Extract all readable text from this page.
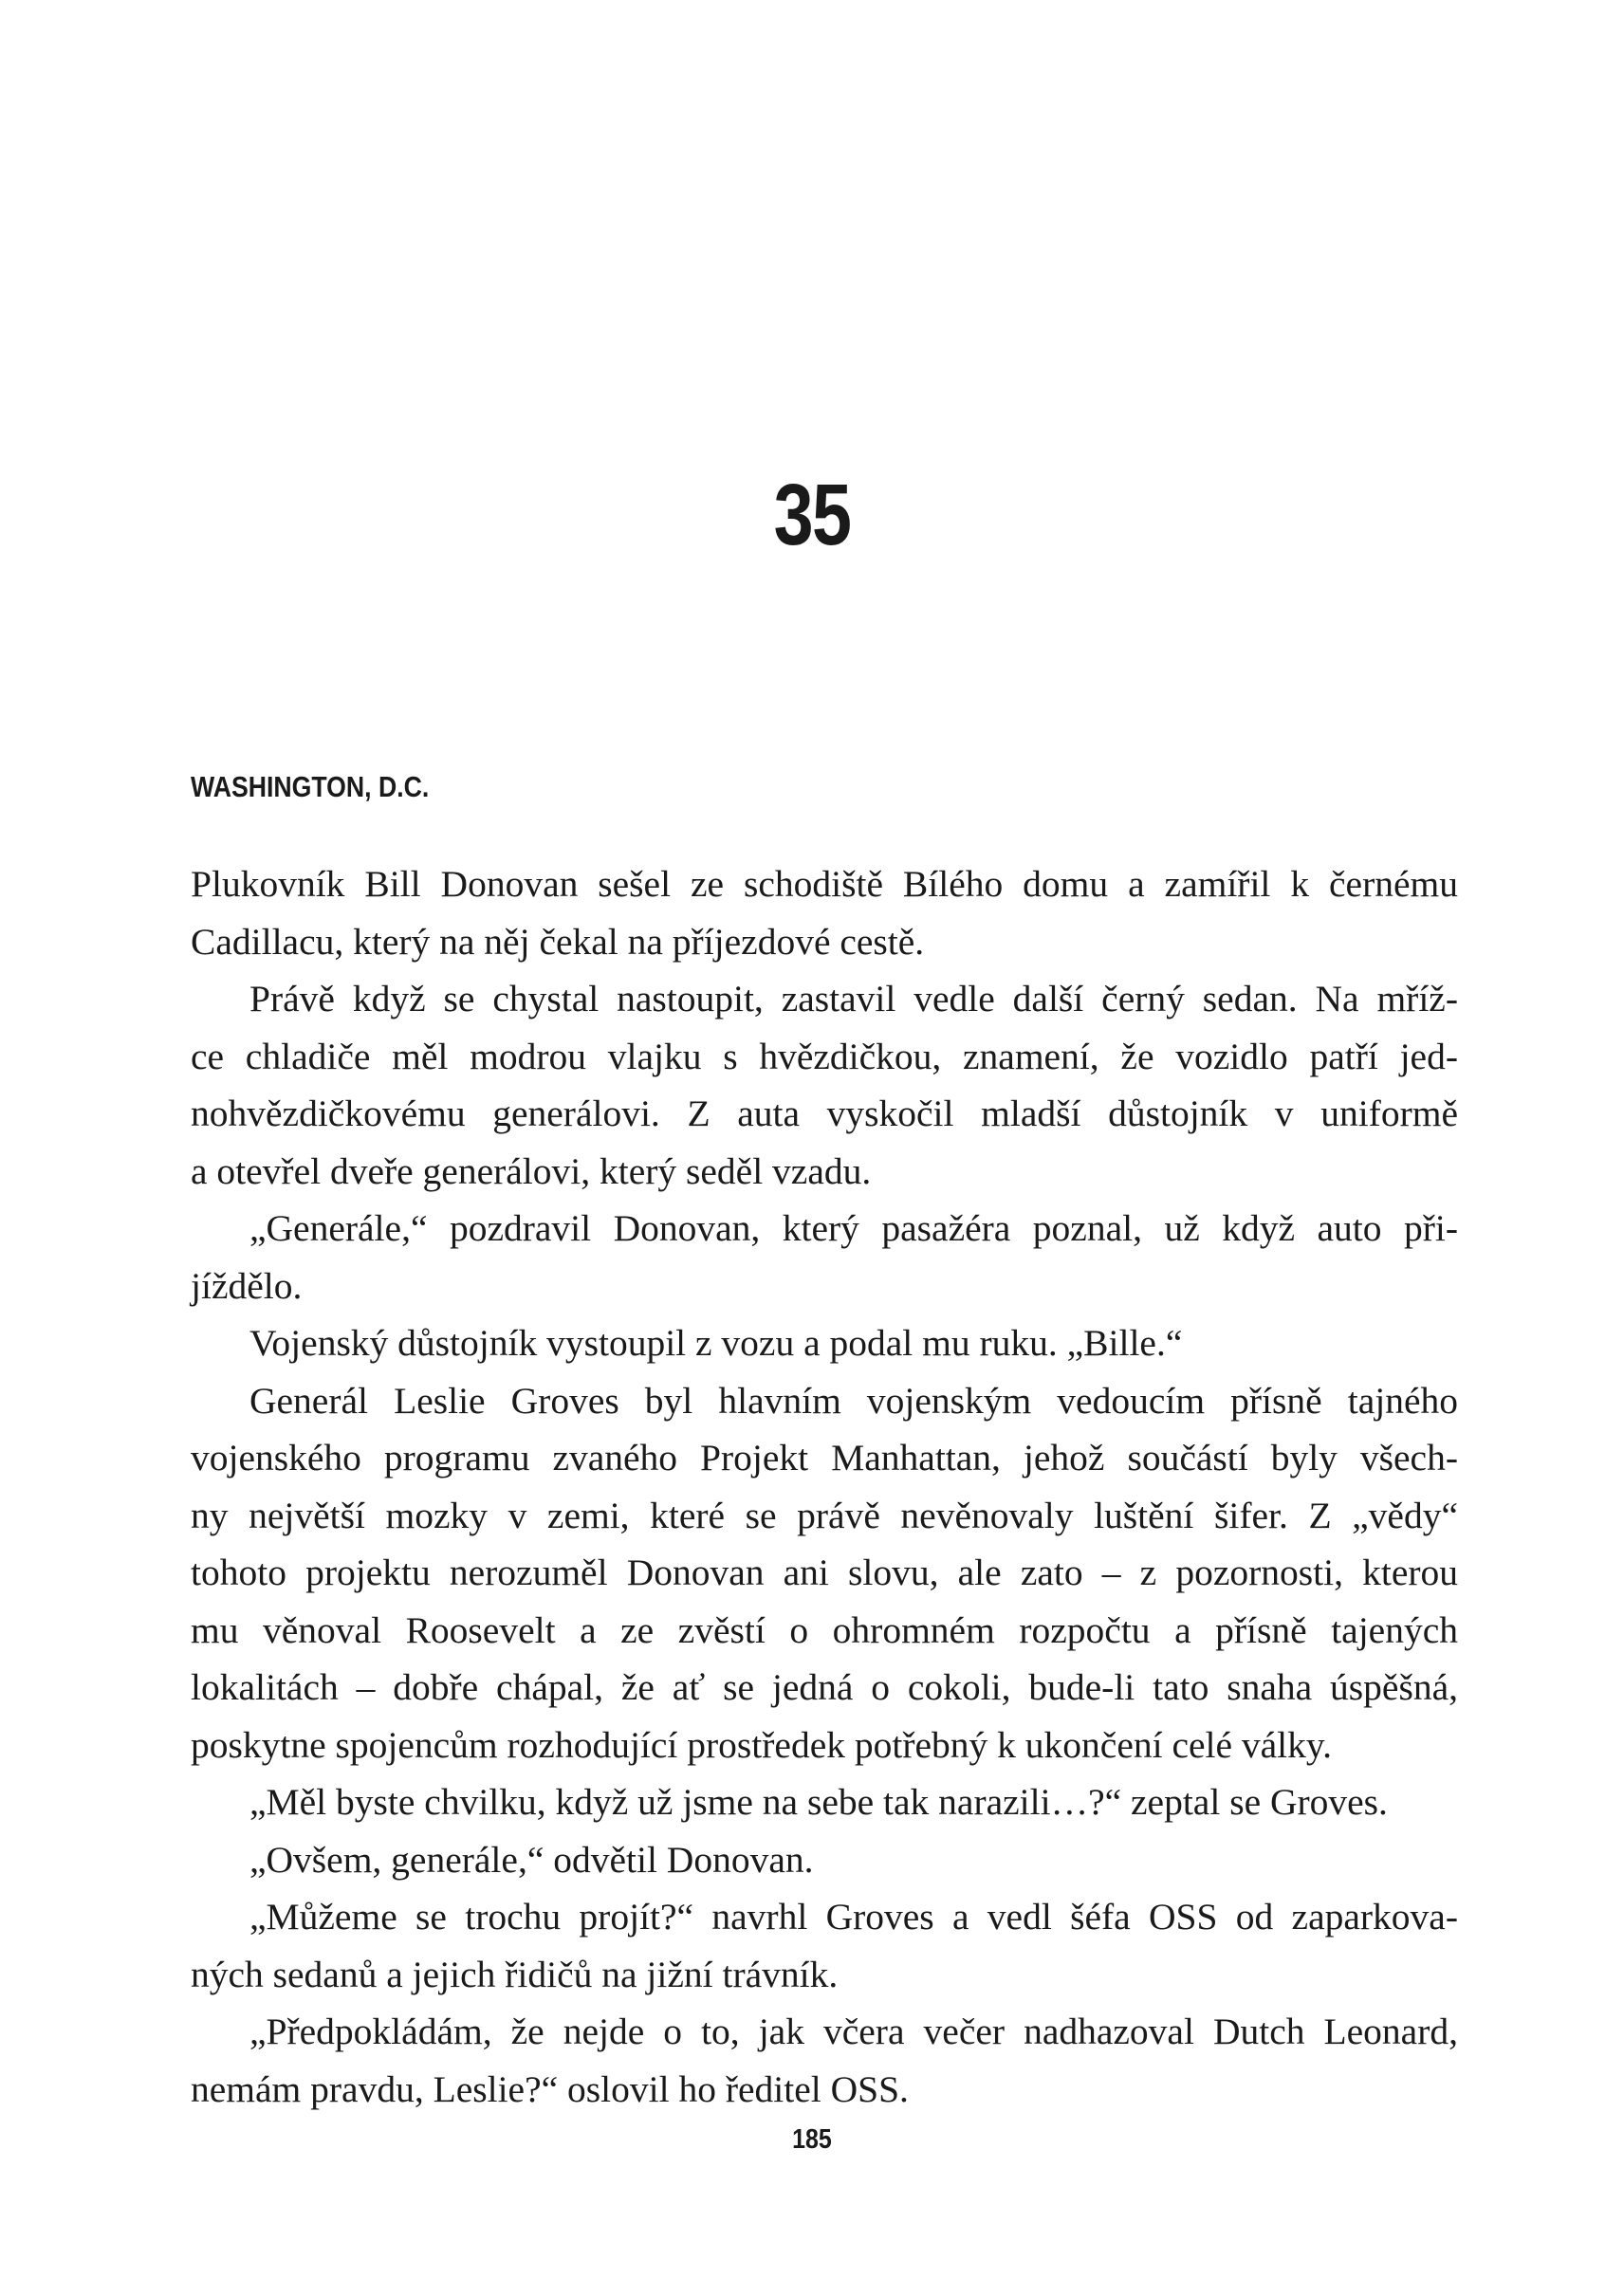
35
WASHINGTON, D.C.
Plukovník Bill Donovan sešel ze schodiště Bílého domu a zamířil k černému
Cadillacu, který na něj čekal na příjezdové cestě.
Právě když se chystal nastoupit, zastavil vedle další černý sedan. Na mříž-
ce chladiče měl modrou vlajku s hvězdičkou, znamení, že vozidlo patří jed-
nohvězdičkovému generálovi. Z auta vyskočil mladší důstojník v uniformě
a otevřel dveře generálovi, který seděl vzadu.
„Generále,“ pozdravil Donovan, který pasažéra poznal, už když auto při-
jíždělo.
Vojenský důstojník vystoupil z vozu a podal mu ruku. „Bille.“
Generál Leslie Groves byl hlavním vojenským vedoucím přísně tajného
vojenského programu zvaného Projekt Manhattan, jehož součástí byly všech-
ny největší mozky v zemi, které se právě nevěnovaly luštění šifer. Z „vědy“
tohoto projektu nerozuměl Donovan ani slovu, ale zato – z pozornosti, kterou
mu věnoval Roosevelt a ze zvěstí o ohromném rozpočtu a přísně tajených
lokalitách – dobře chápal, že ať se jedná o cokoli, bude-li tato snaha úspěšná,
poskytne spojencům rozhodující prostředek potřebný k ukončení celé války.
„Měl byste chvilku, když už jsme na sebe tak narazili…?“ zeptal se Groves.
„Ovšem, generále,“ odvětil Donovan.
„Můžeme se trochu projít?“ navrhl Groves a vedl šéfa OSS od zaparkova-
ných sedanů a jejich řidičů na jižní trávník.
„Předpokládám, že nejde o to, jak včera večer nadhazoval Dutch Leonard,
nemám pravdu, Leslie?“ oslovil ho ředitel OSS.
185
